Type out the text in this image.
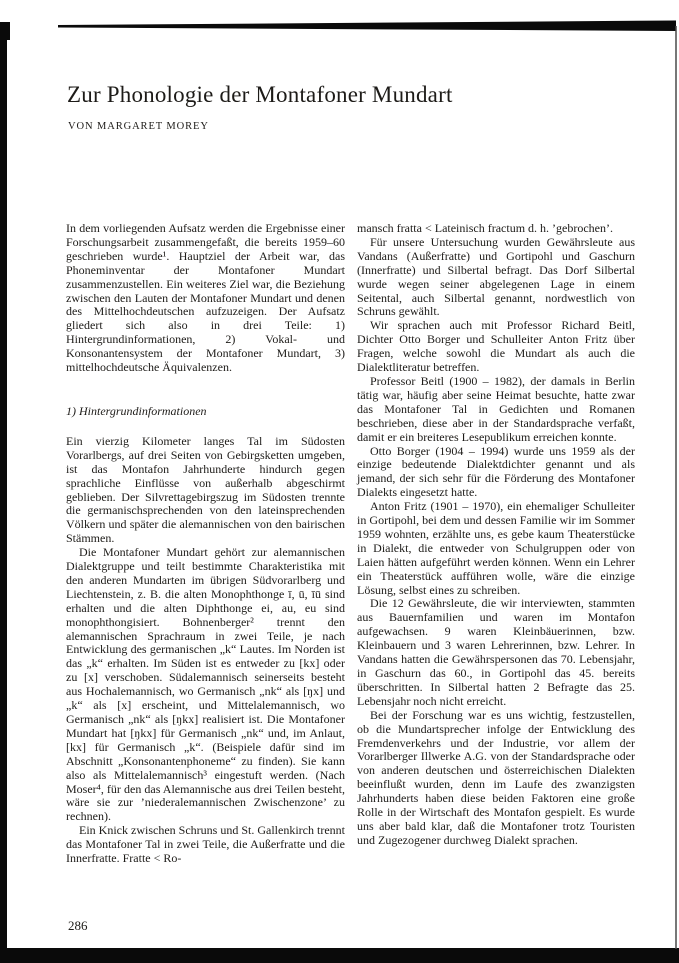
Zur Phonologie der Montafoner Mundart
VON MARGARET MOREY

In dem vorliegenden Aufsatz werden die Ergebnisse einer Forschungsarbeit zusammengefaßt, die bereits 1959–60 geschrieben wurde¹. Hauptziel der Arbeit war, das Phoneminventar der Montafoner Mundart zusammenzustellen. Ein weiteres Ziel war, die Beziehung zwischen den Lauten der Montafoner Mundart und denen des Mittelhochdeutschen aufzuzeigen. Der Aufsatz gliedert sich also in drei Teile: 1) Hintergrundinformationen, 2) Vokal- und Konsonantensystem der Montafoner Mundart, 3) mittelhochdeutsche Äquivalenzen.

1) Hintergrundinformationen

Ein vierzig Kilometer langes Tal im Südosten Vorarlbergs, auf drei Seiten von Gebirgsketten umgeben, ist das Montafon Jahrhunderte hindurch gegen sprachliche Einflüsse von außerhalb abgeschirmt geblieben. Der Silvrettagebirgszug im Südosten trennte die germanischsprechenden von den lateinsprechenden Völkern und später die alemannischen von den bairischen Stämmen.

Die Montafoner Mundart gehört zur alemannischen Dialektgruppe und teilt bestimmte Charakteristika mit den anderen Mundarten im übrigen Südvorarlberg und Liechtenstein, z. B. die alten Monophthonge ī, ū, īū sind erhalten und die alten Diphthonge ei, au, eu sind monophthongisiert. Bohnenberger² trennt den alemannischen Sprachraum in zwei Teile, je nach Entwicklung des germanischen „k“ Lautes. Im Norden ist das „k“ erhalten. Im Süden ist es entweder zu [kx] oder zu [x] verschoben. Südalemannisch seinerseits besteht aus Hochalemannisch, wo Germanisch „nk“ als [ŋx] und „k“ als [x] erscheint, und Mittelalemannisch, wo Germanisch „nk“ als [ŋkx] realisiert ist. Die Montafoner Mundart hat [ŋkx] für Germanisch „nk“ und, im Anlaut, [kx] für Germanisch „k“. (Beispiele dafür sind im Abschnitt „Konsonantenphoneme“ zu finden). Sie kann also als Mittelalemannisch³ eingestuft werden. (Nach Moser⁴, für den das Alemannische aus drei Teilen besteht, wäre sie zur ’niederalemannischen Zwischenzone’ zu rechnen).

Ein Knick zwischen Schruns und St. Gallenkirch trennt das Montafoner Tal in zwei Teile, die Außerfratte und die Innerfratte. Fratte < Ro-

mansch fratta < Lateinisch fractum d. h. ’gebrochen’.

Für unsere Untersuchung wurden Gewährsleute aus Vandans (Außerfratte) und Gortipohl und Gaschurn (Innerfratte) und Silbertal befragt. Das Dorf Silbertal wurde wegen seiner abgelegenen Lage in einem Seitental, auch Silbertal genannt, nordwestlich von Schruns gewählt.

Wir sprachen auch mit Professor Richard Beitl, Dichter Otto Borger und Schulleiter Anton Fritz über Fragen, welche sowohl die Mundart als auch die Dialektliteratur betreffen.

Professor Beitl (1900 – 1982), der damals in Berlin tätig war, häufig aber seine Heimat besuchte, hatte zwar das Montafoner Tal in Gedichten und Romanen beschrieben, diese aber in der Standardsprache verfaßt, damit er ein breiteres Lesepublikum erreichen konnte.

Otto Borger (1904 – 1994) wurde uns 1959 als der einzige bedeutende Dialektdichter genannt und als jemand, der sich sehr für die Förderung des Montafoner Dialekts eingesetzt hatte.

Anton Fritz (1901 – 1970), ein ehemaliger Schulleiter in Gortipohl, bei dem und dessen Familie wir im Sommer 1959 wohnten, erzählte uns, es gebe kaum Theaterstücke in Dialekt, die entweder von Schulgruppen oder von Laien hätten aufgeführt werden können. Wenn ein Lehrer ein Theaterstück aufführen wolle, wäre die einzige Lösung, selbst eines zu schreiben.

Die 12 Gewährsleute, die wir interviewten, stammten aus Bauernfamilien und waren im Montafon aufgewachsen. 9 waren Kleinbäuerinnen, bzw. Kleinbauern und 3 waren Lehrerinnen, bzw. Lehrer. In Vandans hatten die Gewährspersonen das 70. Lebensjahr, in Gaschurn das 60., in Gortipohl das 45. bereits überschritten. In Silbertal hatten 2 Befragte das 25. Lebensjahr noch nicht erreicht.

Bei der Forschung war es uns wichtig, festzustellen, ob die Mundartsprecher infolge der Entwicklung des Fremdenverkehrs und der Industrie, vor allem der Vorarlberger Illwerke A.G. von der Standardsprache oder von anderen deutschen und österreichischen Dialekten beeinflußt wurden, denn im Laufe des zwanzigsten Jahrhunderts haben diese beiden Faktoren eine große Rolle in der Wirtschaft des Montafon gespielt. Es wurde uns aber bald klar, daß die Montafoner trotz Touristen und Zugezogener durchweg Dialekt sprachen.

286
